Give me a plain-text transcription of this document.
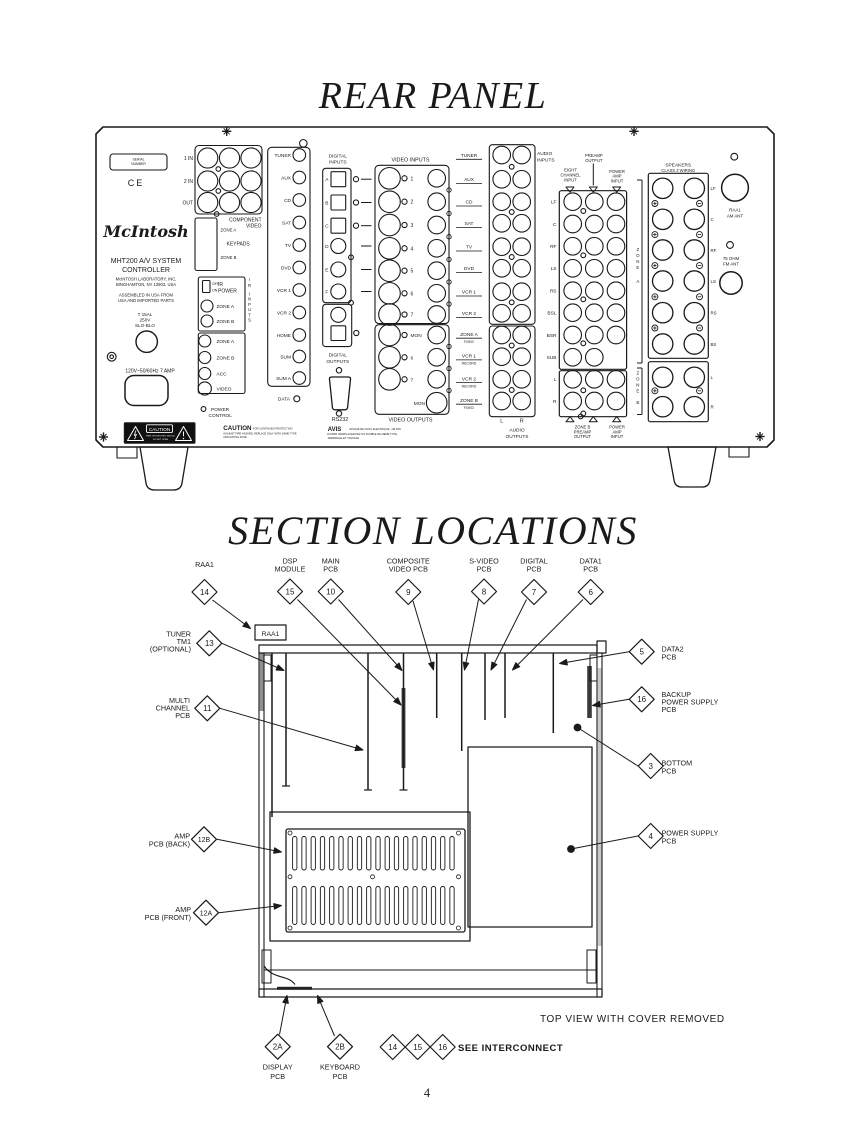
REAR PANEL
SERIAL
NUMBER
CE
1 IN
2 IN
OUT
COMPONENT
VIDEO
McIntosh
MHT200 A/V SYSTEM
CONTROLLER
McINTOSH LABORATORY, INC,
BINGHAMTON, NY 13903, USA
ASSEMBLED IN USA FROM
USA AND IMPORTED PARTS
T 15AL
250V
SLO-BLO
120V~50/60Hz 7 AMP
ZONE A
KEYPADS
ZONE B
OFF
ON
IR
POWER
ZONE A
ZONE B
I
R
I
N
P
U
T
S
ZONE A
ZONE B
ACC
VIDEO
POWER
CONTROL
CAUTION
RISK OF ELECTRIC SHOCK
DO NOT OPEN
CAUTION FOR CONTINUED PROTECTION
AGAINST FIRE HAZARD, REPLACE ONLY WITH SAME TYPE
AND RATING FUSE.
TUNER
AUX
CD
SAT
TV
DVD
VCR 1
VCR 2
HOME
SUM
SUM A
DATA
DIGITAL
INPUTS
A
B
C
D
E
F
DIGITAL
OUTPUTS
RS232
AVIS	RISQUE DE CHOC ELECTRIQUE . NE PAS
OUVRIR. REMPLACER PAR UN FUSIBLE DE MEME TYPE,
AMPERAGE ET VOLTAGE.
VIDEO INPUTS
1
2
3
4
5
6
7
MON
6
7
MON
VIDEO OUTPUTS
TUNER
AUX
CD
SAT
TV
DVD
VCR 1
VCR 2
ZONE A
FIXED
VCR 1
RECORD
VCR 2
RECORD
ZONE B
FIXED
AUDIO
INPUTS
L	R
AUDIO
OUTPUTS
EIGHT
CHANNEL
INPUT
PREAMP
OUTPUT
POWER
AMP
INPUT
LF
C
RF
LS
RS
BSL
BSR
SUB
L
R
ZONE B
PREAMP
OUTPUT
POWER
AMP
INPUT
Z
O
N
E
A
Z
O
N
E
B
SPEAKERS
CLASS 2 WIRING
LF
C
RF
LS
RS
BS
L
R
RAA1
AM ANT
75 OHM
FM ANT
SECTION LOCATIONS
14
RAA1
15
DSP
MODULE
10
MAIN
PCB
9
COMPOSITE
VIDEO PCB
8
S-VIDEO
PCB
7
DIGITAL
PCB
6
DATA1
PCB
13
TUNER
TM1
(OPTIONAL)
11
MULTI
CHANNEL
PCB
12B
AMP
PCB (BACK)
12A
AMP
PCB (FRONT)
5 DATA2
PCB
16
BACKUP
POWER SUPPLY
PCB
3 BOTTOM
PCB
4 POWER SUPPLY
PCB
2A
DISPLAY
PCB
2B
KEYBOARD
PCB
14 15 16
RAA1
TOP VIEW WITH COVER REMOVED
SEE INTERCONNECT
4
